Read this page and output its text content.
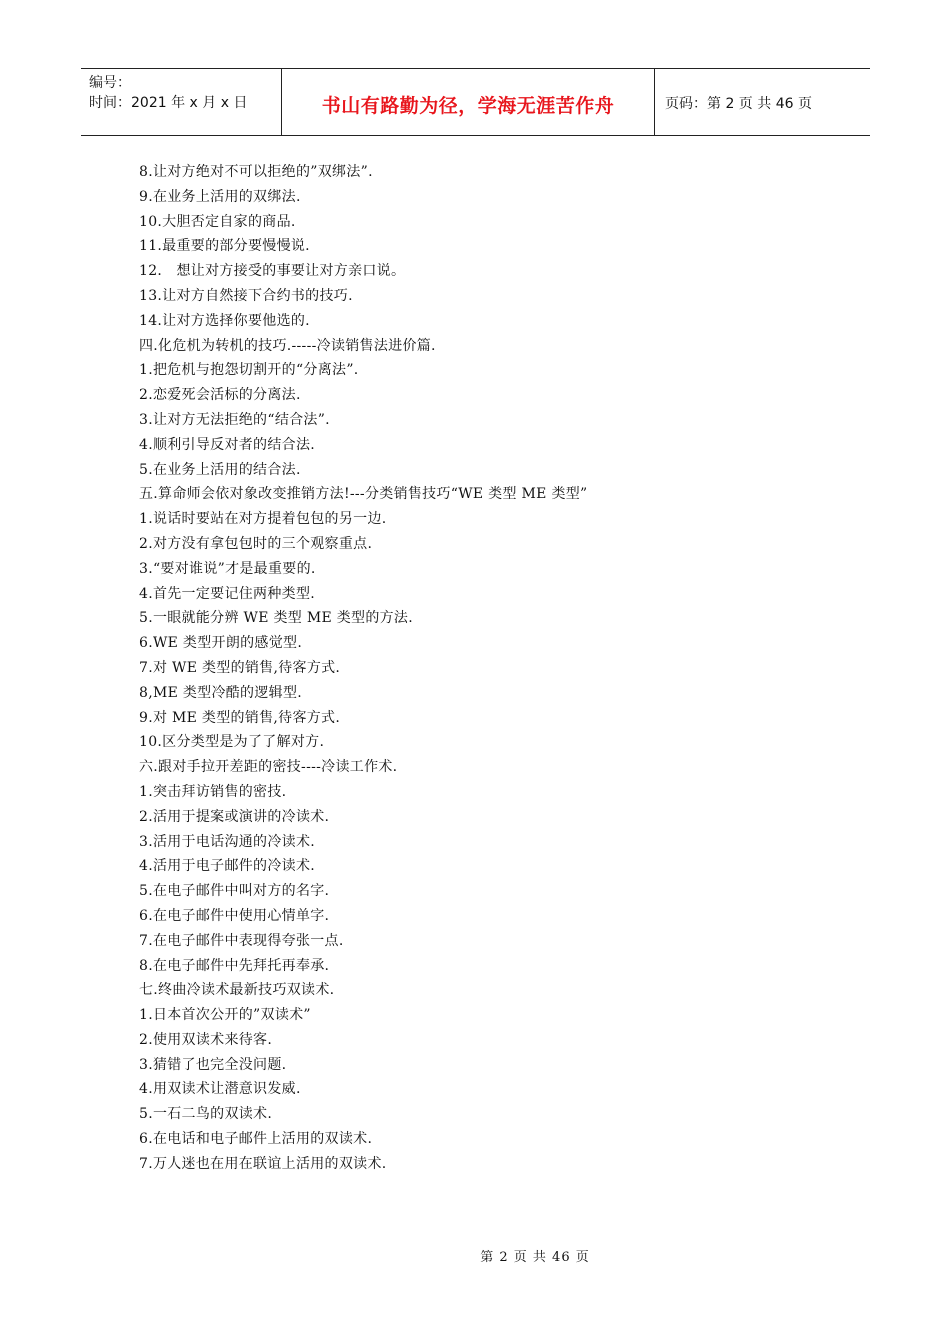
编号：
时间：2021 年 x 月 x 日	书山有路勤为径，学海无涯苦作舟	页码：第 2 页 共 46 页
8.让对方绝对不可以拒绝的”双绑法”.
9.在业务上活用的双绑法.
10.大胆否定自家的商品.
11.最重要的部分要慢慢说.
12． 想让对方接受的事要让对方亲口说。
13.让对方自然接下合约书的技巧.
14.让对方选择你要他选的.
四.化危机为转机的技巧.-----冷读销售法进价篇.
1.把危机与抱怨切割开的“分离法”.
2.恋爱死会活标的分离法.
3.让对方无法拒绝的“结合法”.
4.顺利引导反对者的结合法.
5.在业务上活用的结合法.
五.算命师会依对象改变推销方法!---分类销售技巧“WE 类型 ME 类型”
1.说话时要站在对方提着包包的另一边.
2.对方没有拿包包时的三个观察重点.
3.“要对谁说”才是最重要的.
4.首先一定要记住两种类型.
5.一眼就能分辨 WE 类型 ME 类型的方法.
6.WE 类型开朗的感觉型.
7.对 WE 类型的销售,待客方式.
8,ME 类型冷酷的逻辑型.
9.对 ME 类型的销售,待客方式.
10.区分类型是为了了解对方.
六.跟对手拉开差距的密技----冷读工作术.
1.突击拜访销售的密技.
2.活用于提案或演讲的冷读术.
3.活用于电话沟通的冷读术.
4.活用于电子邮件的冷读术.
5.在电子邮件中叫对方的名字.
6.在电子邮件中使用心情单字.
7.在电子邮件中表现得夸张一点.
8.在电子邮件中先拜托再奉承.
七.终曲冷读术最新技巧双读术.
1.日本首次公开的”双读术”
2.使用双读术来待客.
3.猜错了也完全没问题.
4.用双读术让潜意识发威.
5.一石二鸟的双读术.
6.在电话和电子邮件上活用的双读术.
7.万人迷也在用在联谊上活用的双读术.
第 2 页 共 46 页
